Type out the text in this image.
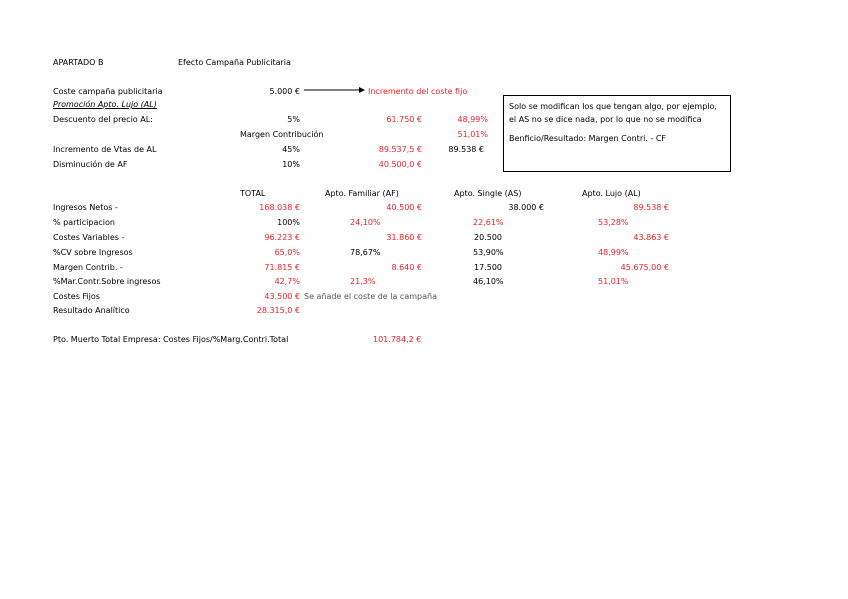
APARTADO B	Efecto Campaña Publicitaria
Coste campaña publicitaria	5.000 €	Incremento del coste fijo
Promoción Apto. Lujo (AL)
Descuento del precio AL:	5%	61.750 €	48,99%
Margen Contribución	51,01%
Incremento de Vtas de AL	45%	89.537,5 €	89.538 €
Disminución de AF	10%	40.500,0 €
Solo se modifican los que tengan algo, por ejemplo, el AS no se dice nada, por lo que no se modifica
Benficio/Resultado: Margen Contri. - CF
TOTAL	Apto. Familiar (AF)	Apto. Single (AS)	Apto. Lujo (AL)
Ingresos Netos -	168.038 €	40.500 €	38.000 €	89.538 €
% participacion	100%	24,10%	22,61%	53,28%
Costes Variables -	96.223 €	31.860 €	20.500	43.863 €
%CV sobre Ingresos	65,0%	78,67%	53,90%	48,99%
Margen Contrib. -	71.815 €	8.640 €	17.500	45.675,00 €
%Mar.Contr.Sobre ingresos	42,7%	21,3%	46,10%	51,01%
Costes Fijos	43.500 € Se añade el coste de la campaña
Resultado Analítico	28.315,0 €
Pto. Muerto Total Empresa: Costes Fijos/%Marg.Contri.Total	101.784,2 €
